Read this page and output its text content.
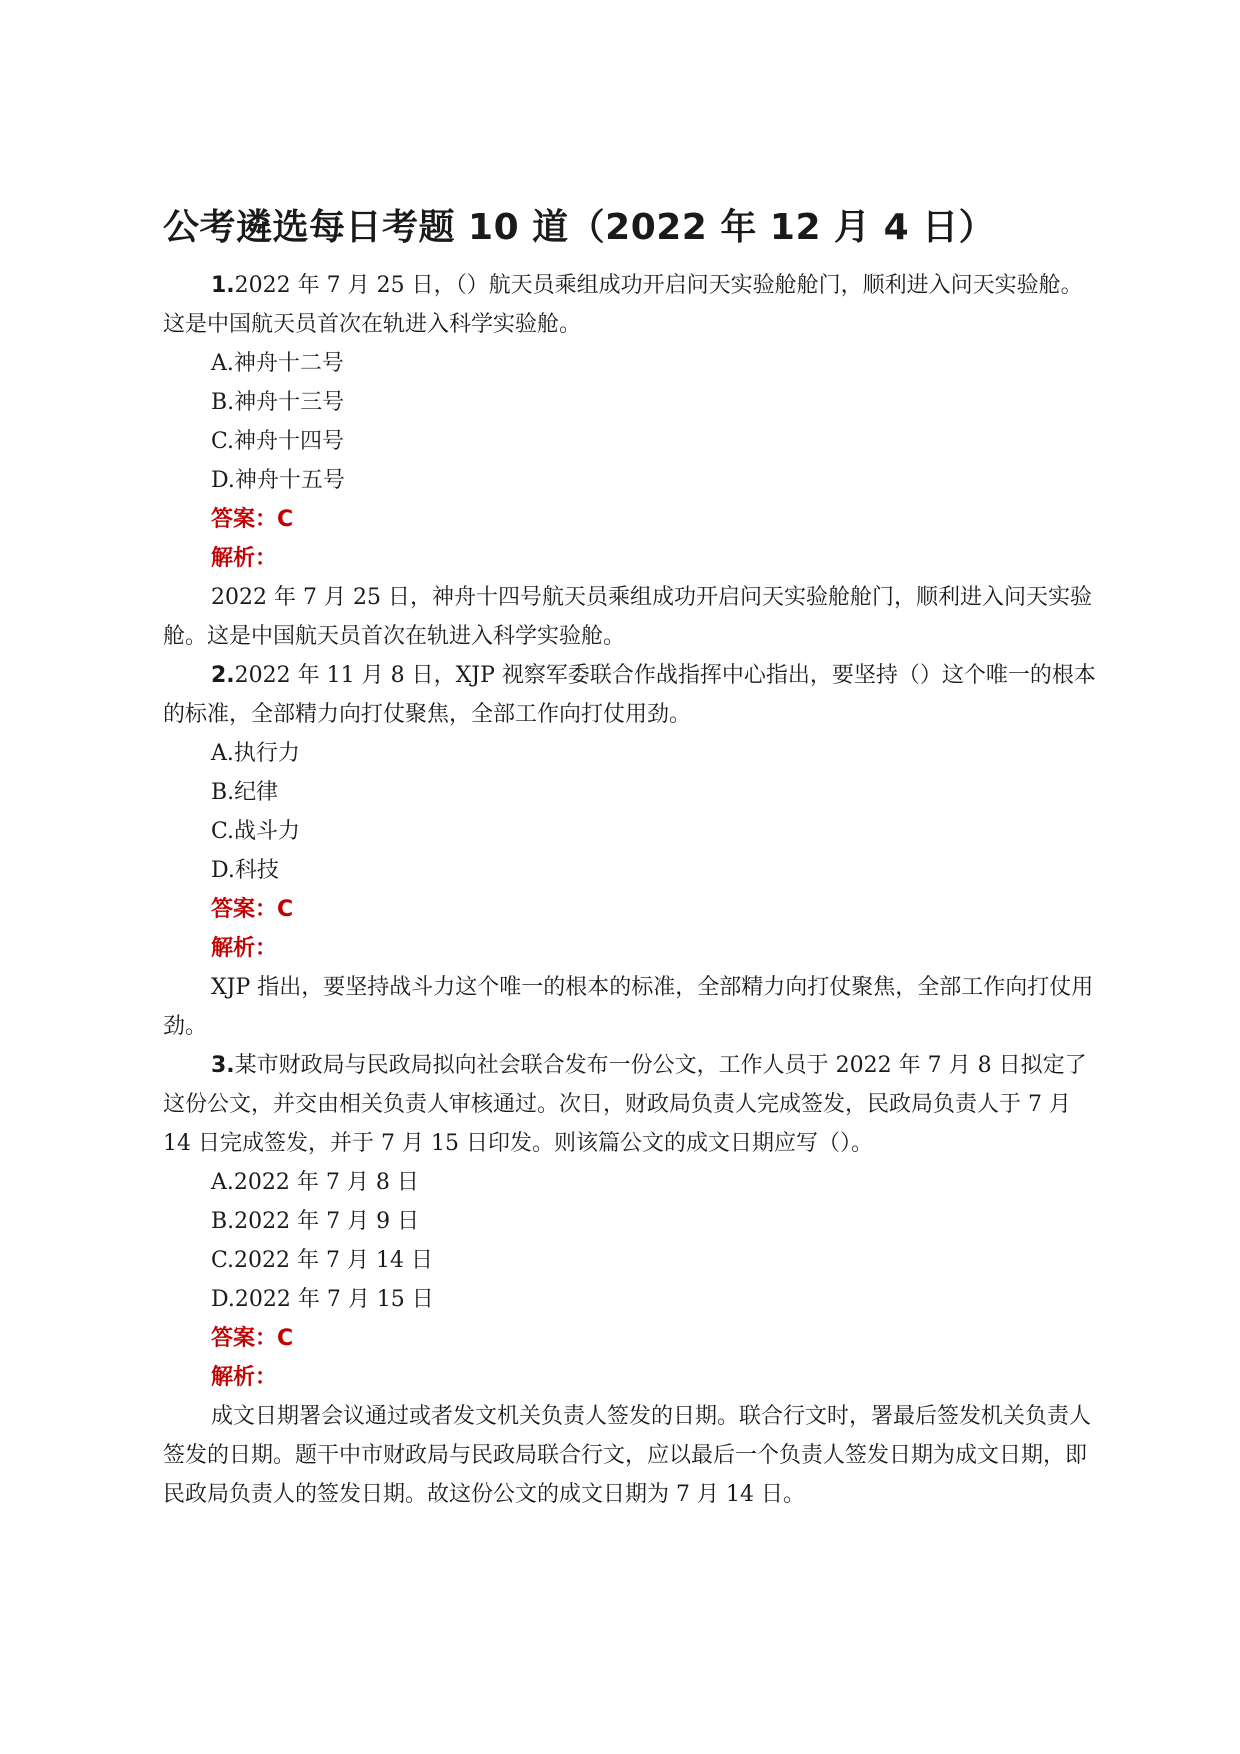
公考遴选每日考题 10 道（2022 年 12 月 4 日）

1.2022 年 7 月 25 日，（）航天员乘组成功开启问天实验舱舱门，顺利进入问天实验舱。这是中国航天员首次在轨进入科学实验舱。

A.神舟十二号

B.神舟十三号

C.神舟十四号

D.神舟十五号

答案：C

解析：

2022 年 7 月 25 日，神舟十四号航天员乘组成功开启问天实验舱舱门，顺利进入问天实验舱。这是中国航天员首次在轨进入科学实验舱。

2.2022 年 11 月 8 日，XJP 视察军委联合作战指挥中心指出，要坚持（）这个唯一的根本的标准，全部精力向打仗聚焦，全部工作向打仗用劲。

A.执行力

B.纪律

C.战斗力

D.科技

答案：C

解析：

XJP 指出，要坚持战斗力这个唯一的根本的标准，全部精力向打仗聚焦，全部工作向打仗用劲。

3.某市财政局与民政局拟向社会联合发布一份公文，工作人员于 2022 年 7 月 8 日拟定了这份公文，并交由相关负责人审核通过。次日，财政局负责人完成签发，民政局负责人于 7 月 14 日完成签发，并于 7 月 15 日印发。则该篇公文的成文日期应写（）。

A.2022 年 7 月 8 日

B.2022 年 7 月 9 日

C.2022 年 7 月 14 日

D.2022 年 7 月 15 日

答案：C

解析：

成文日期署会议通过或者发文机关负责人签发的日期。联合行文时，署最后签发机关负责人签发的日期。题干中市财政局与民政局联合行文，应以最后一个负责人签发日期为成文日期，即民政局负责人的签发日期。故这份公文的成文日期为 7 月 14 日。
